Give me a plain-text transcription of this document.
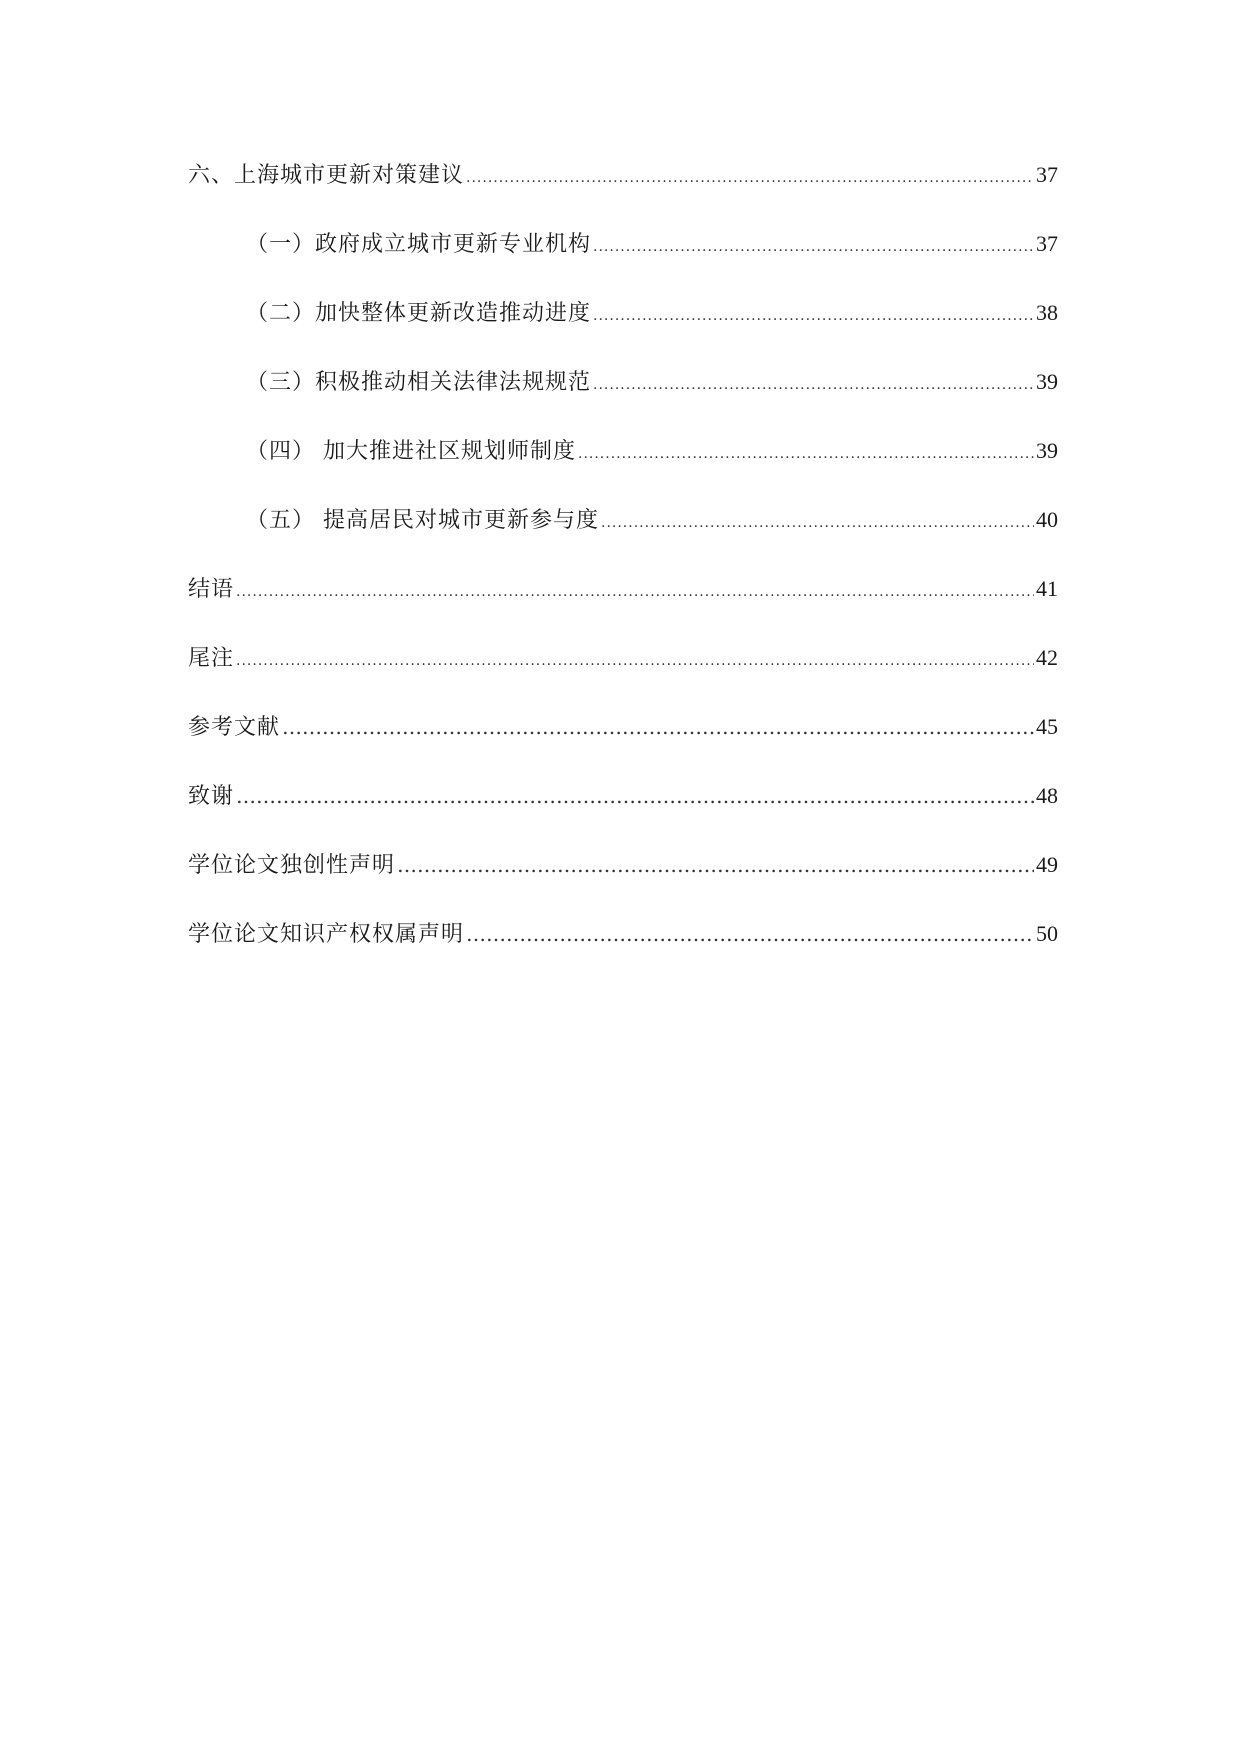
六、上海城市更新对策建议 .....	37
（一）政府成立城市更新专业机构 .....	37
（二）加快整体更新改造推动进度 .....	38
（三）积极推动相关法律法规规范 .....	39
（四） 加大推进社区规划师制度 .....	39
（五） 提高居民对城市更新参与度 .....	40
结语 .....	41
尾注 .....	42
参考文献 …………………………………………………………………………………………………………………………………………………	45
致谢 …………………………………………………………………………………………………………………………………………………	48
学位论文独创性声明 …………………………………………………………………………………………………………………………………………………	49
学位论文知识产权权属声明 …………………………………………………………………………………………………………………………………………………	50
